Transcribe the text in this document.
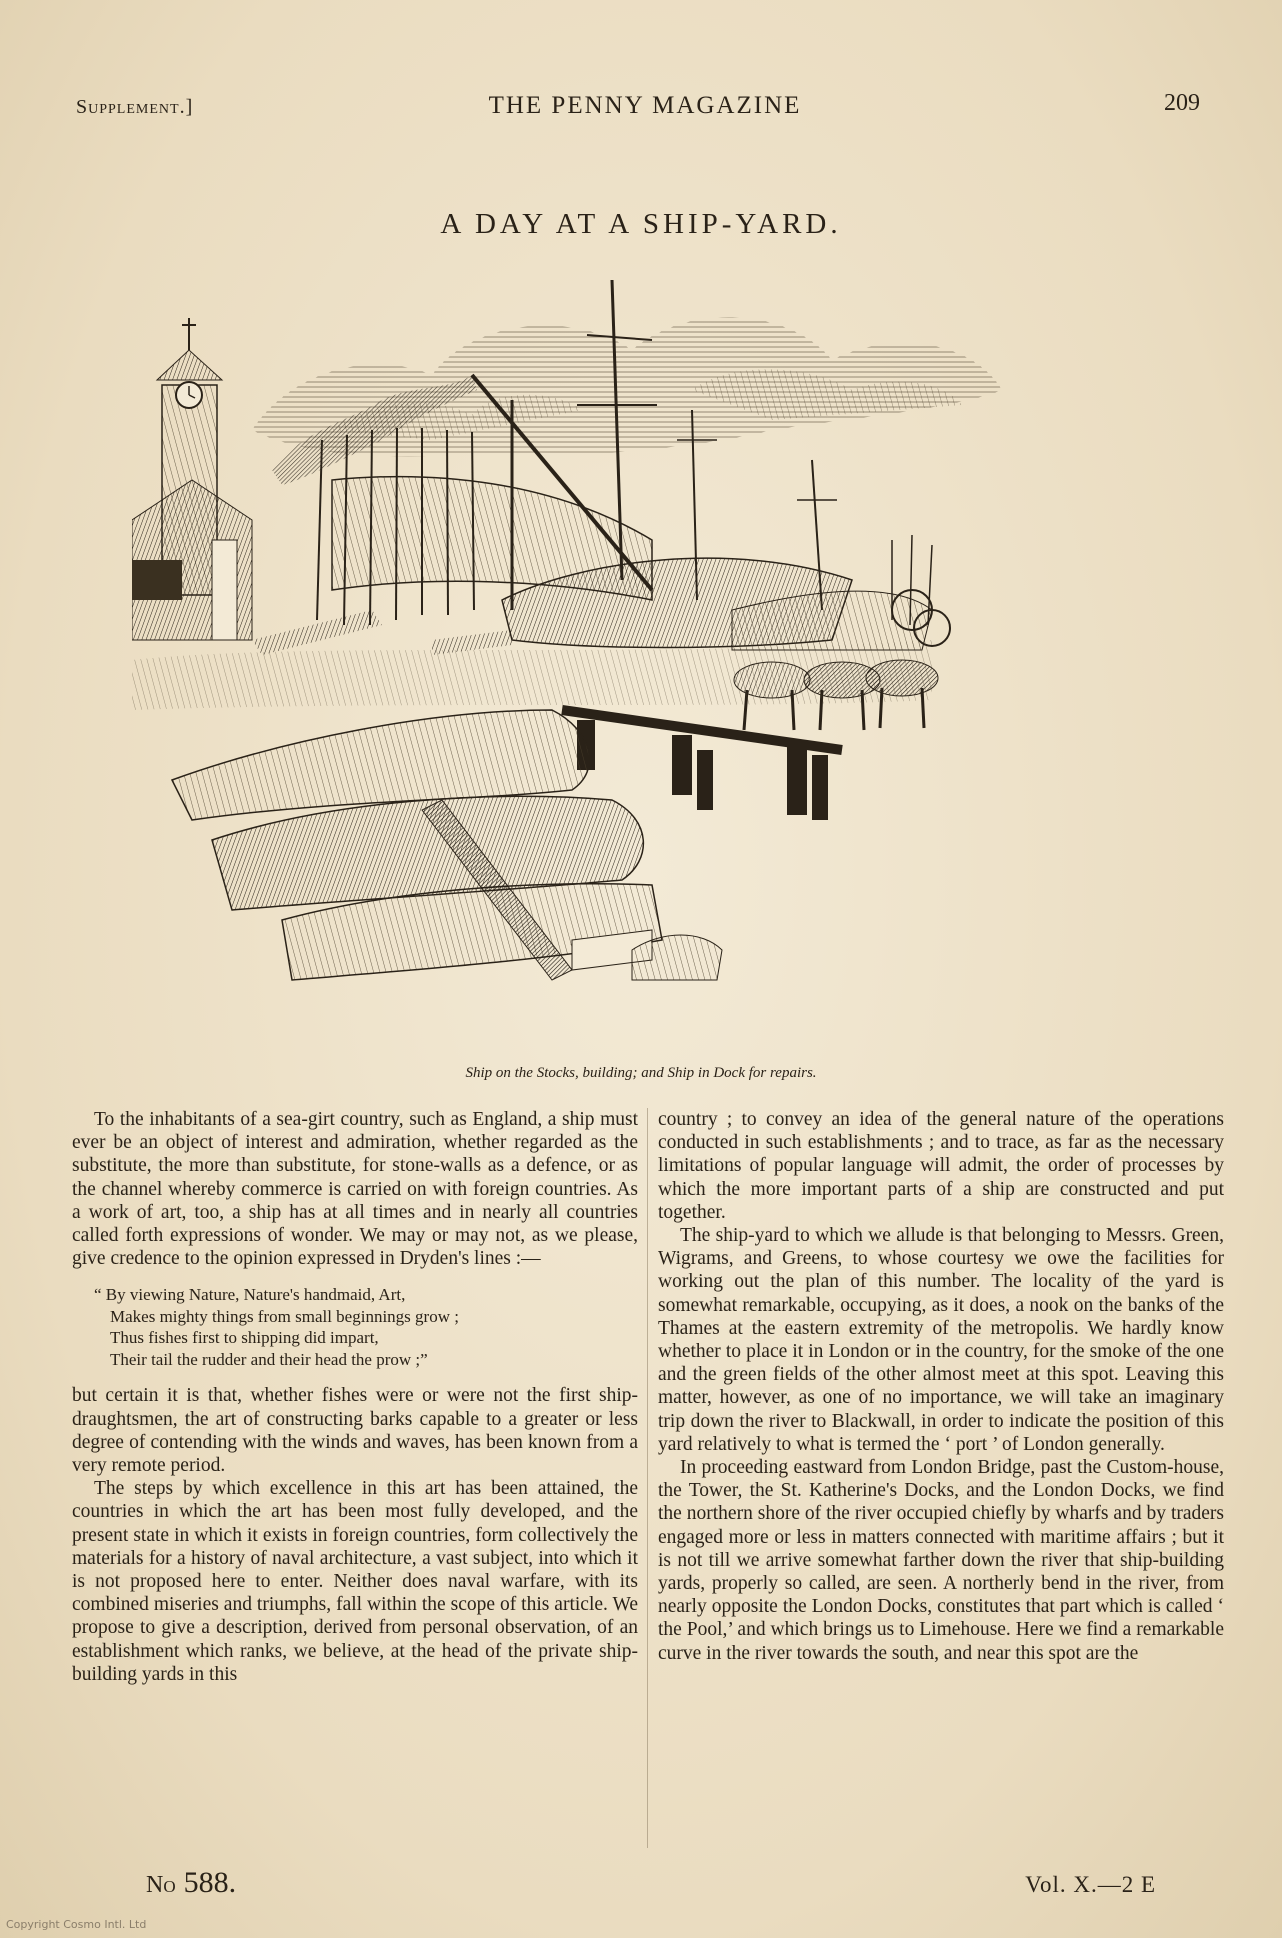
Supplement.]	THE PENNY MAGAZINE	209
A DAY AT A SHIP-YARD.
Ship on the Stocks, building; and Ship in Dock for repairs.

To the inhabitants of a sea-girt country, such as England, a ship must ever be an object of interest and admiration, whether regarded as the substitute, the more than substitute, for stone-walls as a defence, or as the channel whereby commerce is carried on with foreign countries. As a work of art, too, a ship has at all times and in nearly all countries called forth expressions of wonder. We may or may not, as we please, give credence to the opinion expressed in Dryden's lines :—

“ By viewing Nature, Nature's handmaid, Art,
Makes mighty things from small beginnings grow ;
Thus fishes first to shipping did impart,
Their tail the rudder and their head the prow ;”

but certain it is that, whether fishes were or were not the first ship-draughtsmen, the art of constructing barks capable to a greater or less degree of contending with the winds and waves, has been known from a very remote period.

The steps by which excellence in this art has been attained, the countries in which the art has been most fully developed, and the present state in which it exists in foreign countries, form collectively the materials for a history of naval architecture, a vast subject, into which it is not proposed here to enter. Neither does naval warfare, with its combined miseries and triumphs, fall within the scope of this article. We propose to give a description, derived from personal observation, of an establishment which ranks, we believe, at the head of the private ship-building yards in this

country ; to convey an idea of the general nature of the operations conducted in such establishments ; and to trace, as far as the necessary limitations of popular language will admit, the order of processes by which the more important parts of a ship are constructed and put together.

The ship-yard to which we allude is that belonging to Messrs. Green, Wigrams, and Greens, to whose courtesy we owe the facilities for working out the plan of this number. The locality of the yard is somewhat remarkable, occupying, as it does, a nook on the banks of the Thames at the eastern extremity of the metropolis. We hardly know whether to place it in London or in the country, for the smoke of the one and the green fields of the other almost meet at this spot. Leaving this matter, however, as one of no importance, we will take an imaginary trip down the river to Blackwall, in order to indicate the position of this yard relatively to what is termed the ‘ port ’ of London generally.

In proceeding eastward from London Bridge, past the Custom-house, the Tower, the St. Katherine's Docks, and the London Docks, we find the northern shore of the river occupied chiefly by wharfs and by traders engaged more or less in matters connected with maritime affairs ; but it is not till we arrive somewhat farther down the river that ship-building yards, properly so called, are seen. A northerly bend in the river, from nearly opposite the London Docks, constitutes that part which is called ‘ the Pool,’ and which brings us to Limehouse. Here we find a remarkable curve in the river towards the south, and near this spot are the

No 588.	Vol. X.—2 E
Copyright Cosmo Intl. Ltd
